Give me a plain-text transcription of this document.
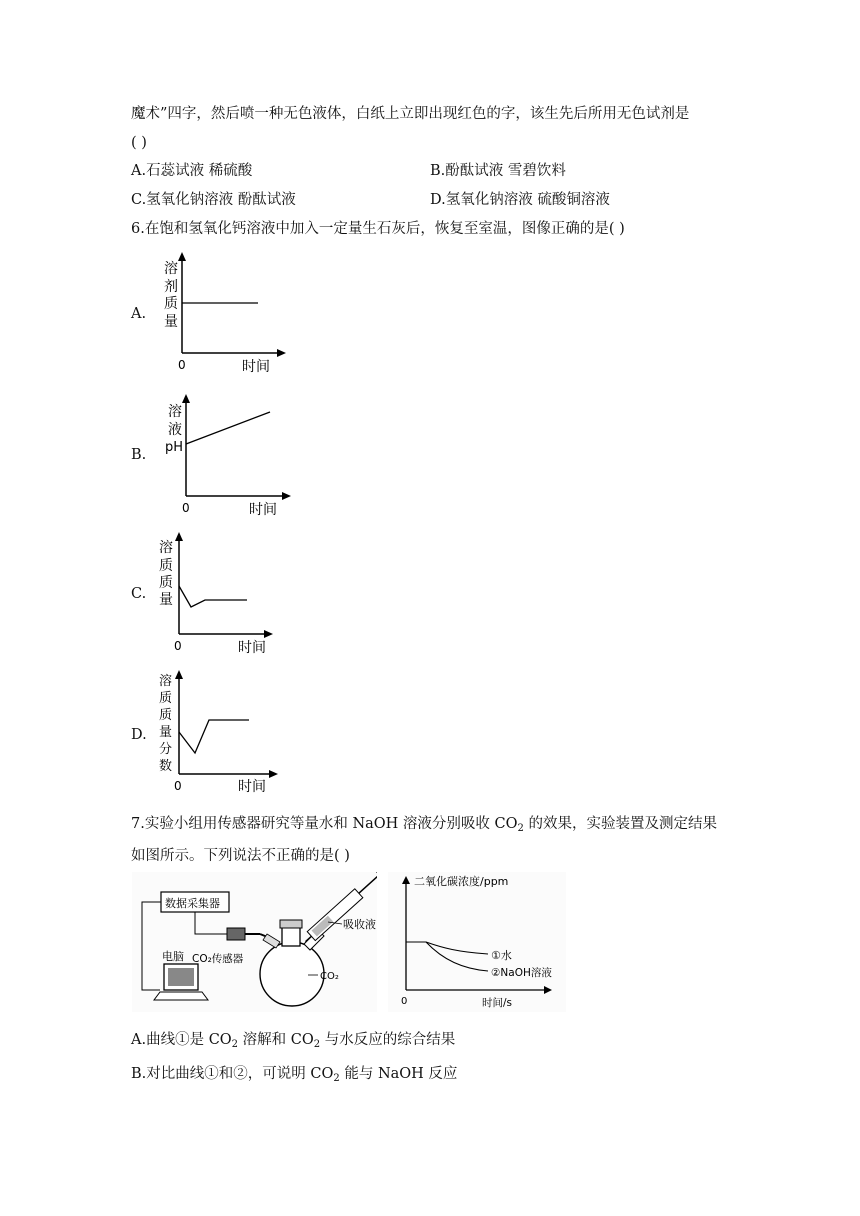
魔术”四字，然后喷一种无色液体，白纸上立即出现红色的字，该生先后所用无色试剂是
( )
A.石蕊试液 稀硫酸	B.酚酞试液 雪碧饮料
C.氢氧化钠溶液 酚酞试液	D.氢氧化钠溶液 硫酸铜溶液
6.在饱和氢氧化钙溶液中加入一定量生石灰后，恢复至室温，图像正确的是( )
A.
溶
剂
质
量
0	时间
B.
溶
液
pH
0	时间
C.
溶
质
质
量
0	时间
D.
溶
质
质
量
分
数
0	时间
7.实验小组用传感器研究等量水和 NaOH 溶液分别吸收 $CO_2$ 的效果，实验装置及测定结果
如图所示。下列说法不正确的是( )
数据采集器
电脑 CO₂传感器
吸收液
CO₂
二氧化碳浓度/ppm
0	时间/s
①水
②NaOH溶液
A.曲线①是 $CO_2$ 溶解和 $CO_2$ 与水反应的综合结果
B.对比曲线①和②，可说明 $CO_2$ 能与 NaOH 反应
